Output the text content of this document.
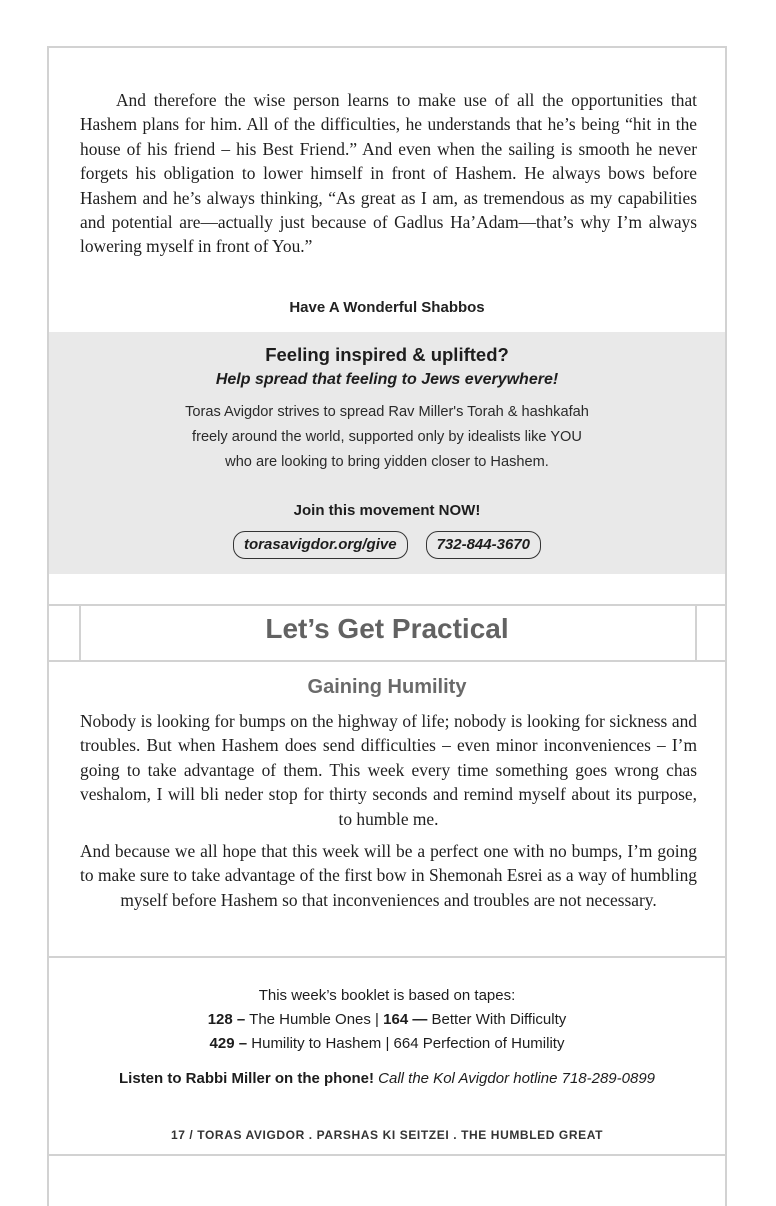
And therefore the wise person learns to make use of all the opportunities that Hashem plans for him. All of the difficulties, he understands that he’s being “hit in the house of his friend – his Best Friend.” And even when the sailing is smooth he never forgets his obligation to lower himself in front of Hashem. He always bows before Hashem and he’s always thinking, “As great as I am, as tremendous as my capabilities and potential are—actually just because of Gadlus Ha’Adam—that’s why I’m always lowering myself in front of You.”

Have A Wonderful Shabbos

Feeling inspired & uplifted?

Help spread that feeling to Jews everywhere!

Toras Avigdor strives to spread Rav Miller's Torah & hashkafah
freely around the world, supported only by idealists like YOU
who are looking to bring yidden closer to Hashem.

Join this movement NOW!

torasavigdor.org/give	732-844-3670

Let’s Get Practical

Gaining Humility

Nobody is looking for bumps on the highway of life; nobody is looking for sickness and troubles. But when Hashem does send difficulties – even minor inconveniences – I’m going to take advantage of them. This week every time something goes wrong chas veshalom, I will bli neder stop for thirty seconds and remind myself about its purpose, to humble me.

And because we all hope that this week will be a perfect one with no bumps, I’m going to make sure to take advantage of the first bow in Shemonah Esrei as a way of humbling myself before Hashem so that inconveniences and troubles are not necessary.

This week’s booklet is based on tapes:
128 – The Humble Ones | 164 — Better With Difficulty
429 – Humility to Hashem | 664 Perfection of Humility

Listen to Rabbi Miller on the phone! Call the Kol Avigdor hotline 718-289-0899

17 / TORAS AVIGDOR . PARSHAS KI SEITZEI . THE HUMBLED GREAT
